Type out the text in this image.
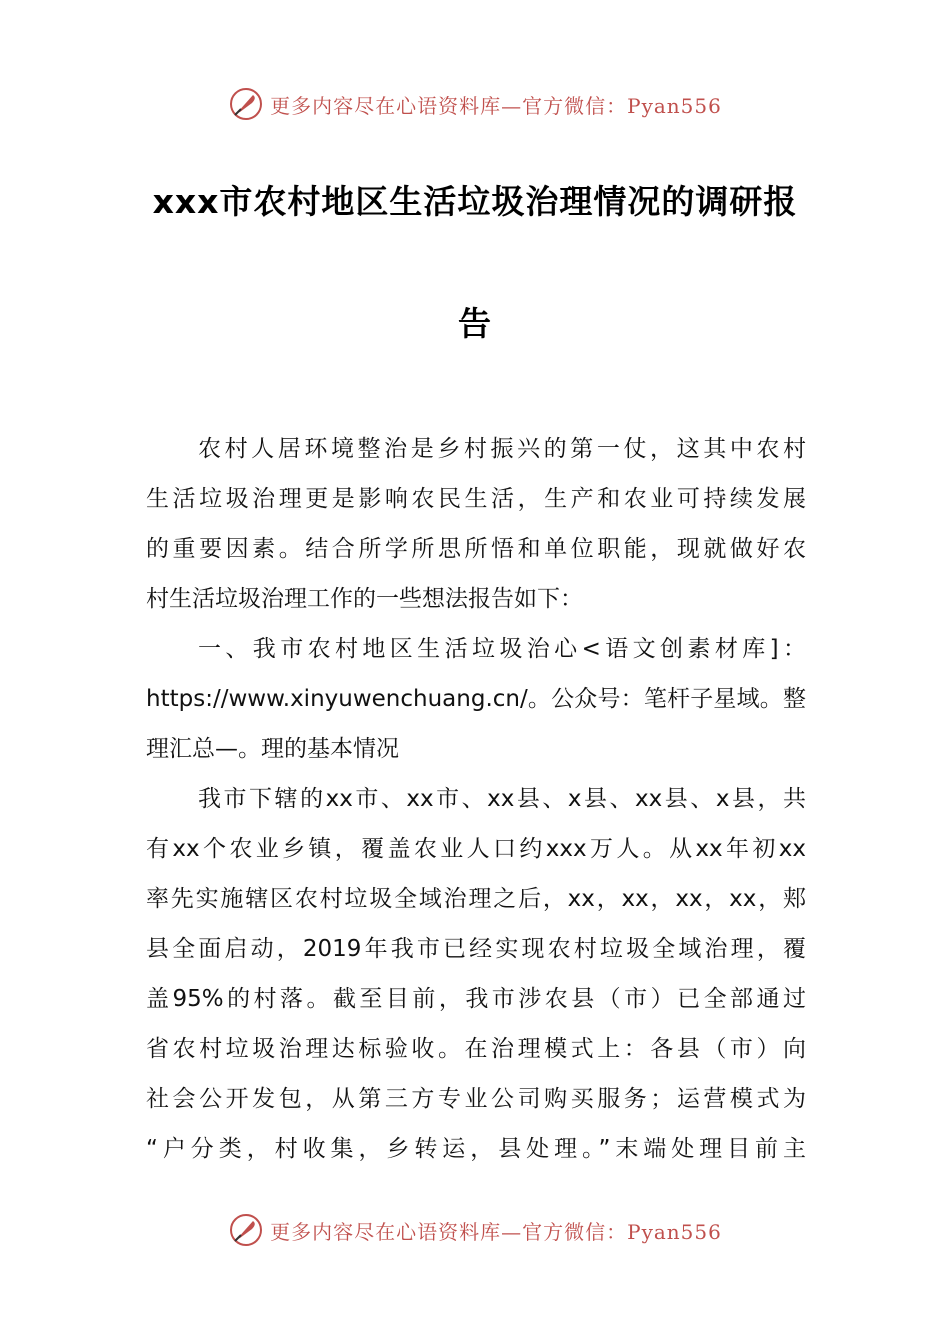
更多内容尽在心语资料库—官方微信：Pyan556
xxx市农村地区生活垃圾治理情况的调研报
告
农村人居环境整治是乡村振兴的第一仗，这其中农村
生活垃圾治理更是影响农民生活，生产和农业可持续发展
的重要因素。结合所学所思所悟和单位职能，现就做好农
村生活垃圾治理工作的一些想法报告如下：
一、我市农村地区生活垃圾治心<语文创素材库]：
https://www.xinyuwenchuang.cn/。公众号：笔杆子星域。整
理汇总—。理的基本情况
我市下辖的xx市、xx市、xx县、x县、xx县、x县，共
有xx个农业乡镇，覆盖农业人口约xxx万人。从xx年初xx
率先实施辖区农村垃圾全域治理之后，xx，xx，xx，xx，郏
县全面启动，2019年我市已经实现农村垃圾全域治理，覆
盖95%的村落。截至目前，我市涉农县（市）已全部通过
省农村垃圾治理达标验收。在治理模式上：各县（市）向
社会公开发包，从第三方专业公司购买服务；运营模式为
“户分类，村收集，乡转运，县处理。”末端处理目前主
更多内容尽在心语资料库—官方微信：Pyan556
